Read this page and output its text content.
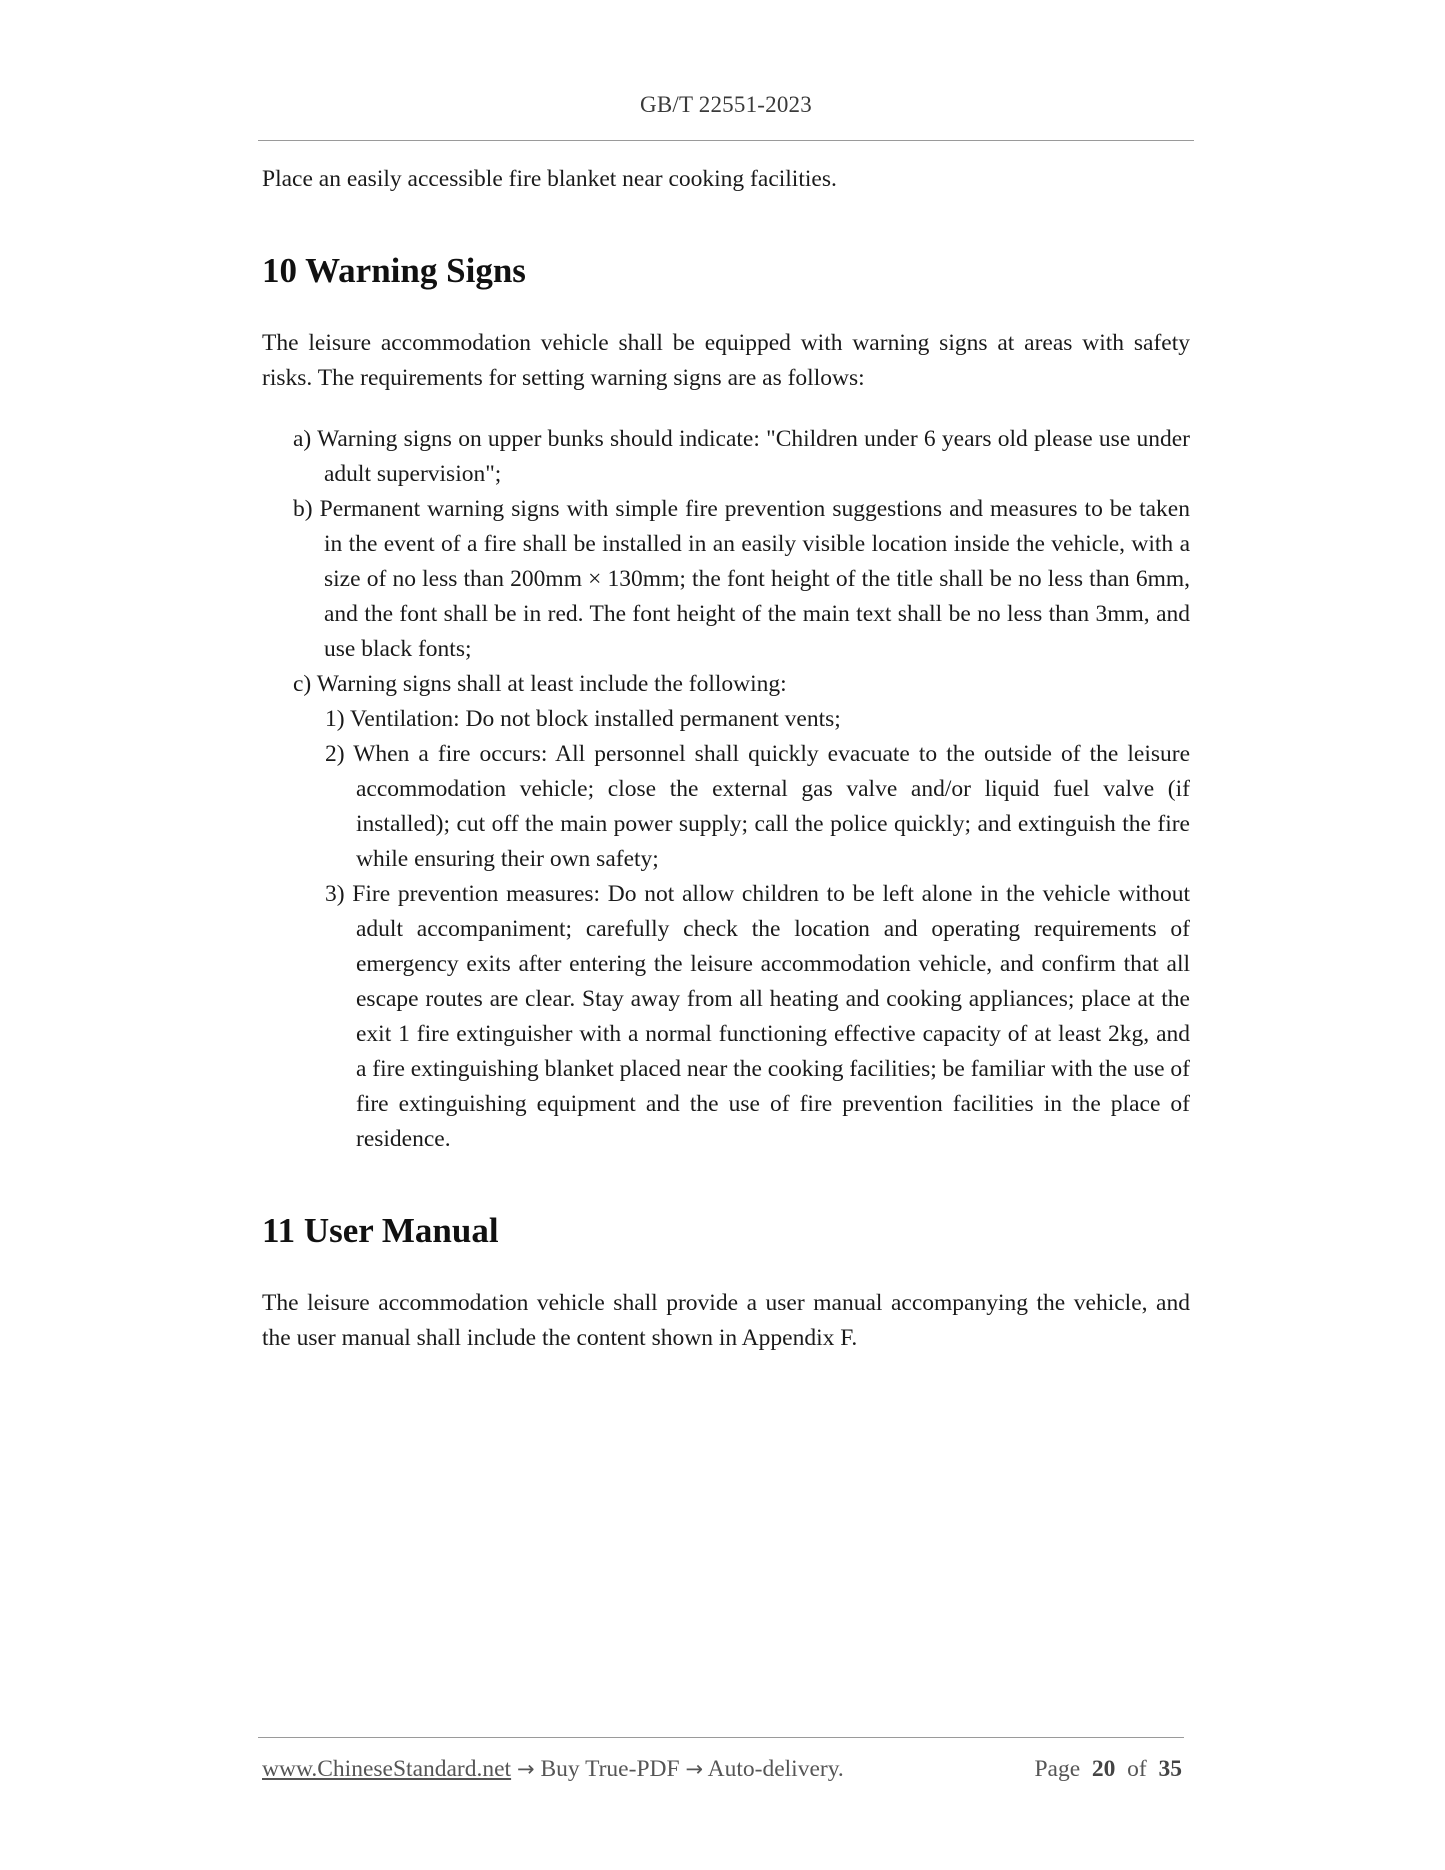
GB/T 22551-2023

Place an easily accessible fire blanket near cooking facilities.

10 Warning Signs

The leisure accommodation vehicle shall be equipped with warning signs at areas with safety risks. The requirements for setting warning signs are as follows:

a) Warning signs on upper bunks should indicate: "Children under 6 years old please use under adult supervision";

b) Permanent warning signs with simple fire prevention suggestions and measures to be taken in the event of a fire shall be installed in an easily visible location inside the vehicle, with a size of no less than 200mm × 130mm; the font height of the title shall be no less than 6mm, and the font shall be in red. The font height of the main text shall be no less than 3mm, and use black fonts;

c) Warning signs shall at least include the following:

1) Ventilation: Do not block installed permanent vents;

2) When a fire occurs: All personnel shall quickly evacuate to the outside of the leisure accommodation vehicle; close the external gas valve and/or liquid fuel valve (if installed); cut off the main power supply; call the police quickly; and extinguish the fire while ensuring their own safety;

3) Fire prevention measures: Do not allow children to be left alone in the vehicle without adult accompaniment; carefully check the location and operating requirements of emergency exits after entering the leisure accommodation vehicle, and confirm that all escape routes are clear. Stay away from all heating and cooking appliances; place at the exit 1 fire extinguisher with a normal functioning effective capacity of at least 2kg, and a fire extinguishing blanket placed near the cooking facilities; be familiar with the use of fire extinguishing equipment and the use of fire prevention facilities in the place of residence.

11 User Manual

The leisure accommodation vehicle shall provide a user manual accompanying the vehicle, and the user manual shall include the content shown in Appendix F.

www.ChineseStandard.net → Buy True-PDF → Auto-delivery.	Page 20 of 35
